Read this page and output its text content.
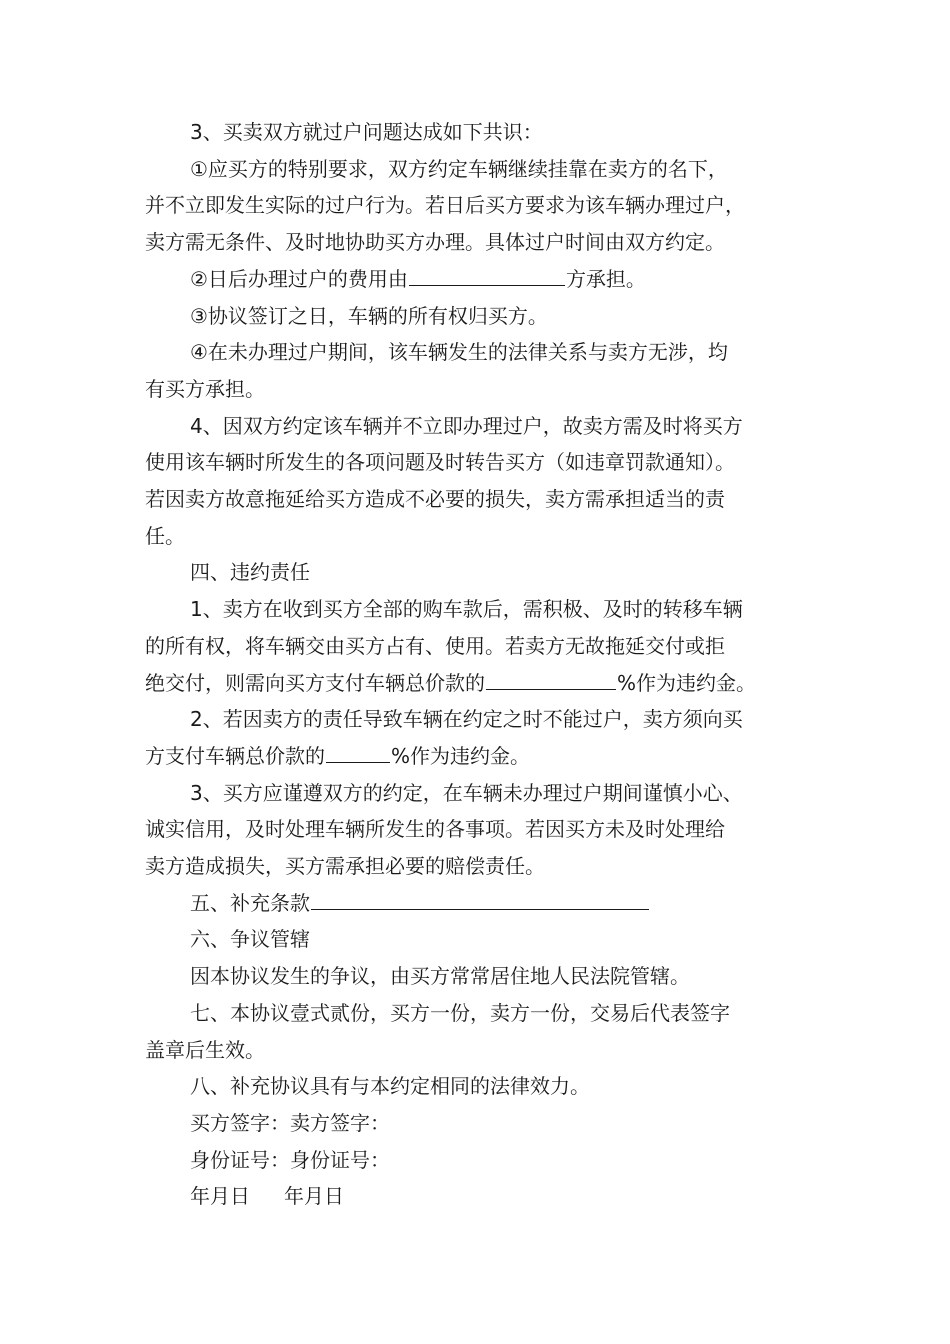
3、买卖双方就过户问题达成如下共识：

①应买方的特别要求，双方约定车辆继续挂靠在卖方的名下，

并不立即发生实际的过户行为。若日后买方要求为该车辆办理过户，

卖方需无条件、及时地协助买方办理。具体过户时间由双方约定。

②日后办理过户的费用由	方承担。

③协议签订之日，车辆的所有权归买方。

④在未办理过户期间，该车辆发生的法律关系与卖方无涉，均

有买方承担。

4、因双方约定该车辆并不立即办理过户，故卖方需及时将买方

使用该车辆时所发生的各项问题及时转告买方（如违章罚款通知）。

若因卖方故意拖延给买方造成不必要的损失，卖方需承担适当的责

任。

四、违约责任

1、卖方在收到买方全部的购车款后，需积极、及时的转移车辆

的所有权，将车辆交由买方占有、使用。若卖方无故拖延交付或拒

绝交付，则需向买方支付车辆总价款的	%作为违约金。

2、若因卖方的责任导致车辆在约定之时不能过户，卖方须向买

方支付车辆总价款的	%作为违约金。

3、买方应谨遵双方的约定，在车辆未办理过户期间谨慎小心、

诚实信用，及时处理车辆所发生的各事项。若因买方未及时处理给

卖方造成损失，买方需承担必要的赔偿责任。

五、补充条款

六、争议管辖

因本协议发生的争议，由买方常常居住地人民法院管辖。

七、本协议壹式贰份，买方一份，卖方一份，交易后代表签字

盖章后生效。

八、补充协议具有与本约定相同的法律效力。

买方签字：卖方签字：

身份证号：身份证号：

年月日 年月日
